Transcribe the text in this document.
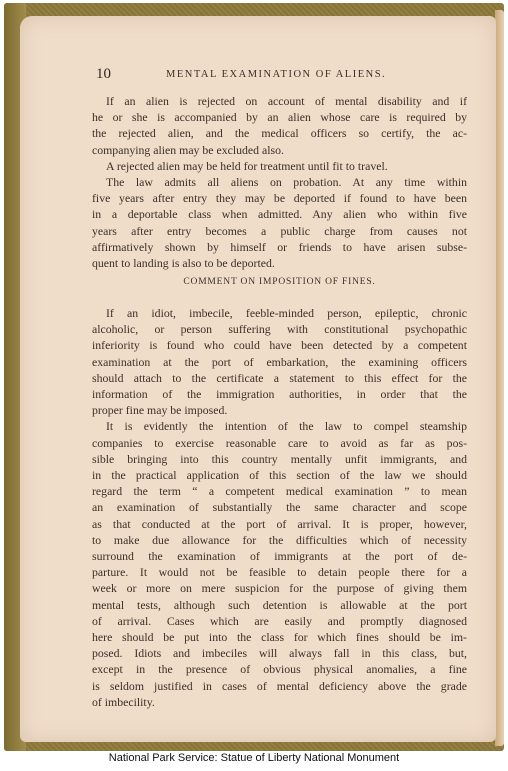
10	MENTAL EXAMINATION OF ALIENS.
If an alien is rejected on account of mental disability and if
he or she is accompanied by an alien whose care is required by
the rejected alien, and the medical officers so certify, the ac-
companying alien may be excluded also.
A rejected alien may be held for treatment until fit to travel.
The law admits all aliens on probation. At any time within
five years after entry they may be deported if found to have been
in a deportable class when admitted. Any alien who within five
years after entry becomes a public charge from causes not
affirmatively shown by himself or friends to have arisen subse-
quent to landing is also to be deported.
COMMENT ON IMPOSITION OF FINES.
If an idiot, imbecile, feeble-minded person, epileptic, chronic
alcoholic, or person suffering with constitutional psychopathic
inferiority is found who could have been detected by a competent
examination at the port of embarkation, the examining officers
should attach to the certificate a statement to this effect for the
information of the immigration authorities, in order that the
proper fine may be imposed.
It is evidently the intention of the law to compel steamship
companies to exercise reasonable care to avoid as far as pos-
sible bringing into this country mentally unfit immigrants, and
in the practical application of this section of the law we should
regard the term “ a competent medical examination ” to mean
an examination of substantially the same character and scope
as that conducted at the port of arrival. It is proper, however,
to make due allowance for the difficulties which of necessity
surround the examination of immigrants at the port of de-
parture. It would not be feasible to detain people there for a
week or more on mere suspicion for the purpose of giving them
mental tests, although such detention is allowable at the port
of arrival. Cases which are easily and promptly diagnosed
here should be put into the class for which fines should be im-
posed. Idiots and imbeciles will always fall in this class, but,
except in the presence of obvious physical anomalies, a fine
is seldom justified in cases of mental deficiency above the grade
of imbecility.
National Park Service: Statue of Liberty National Monument
